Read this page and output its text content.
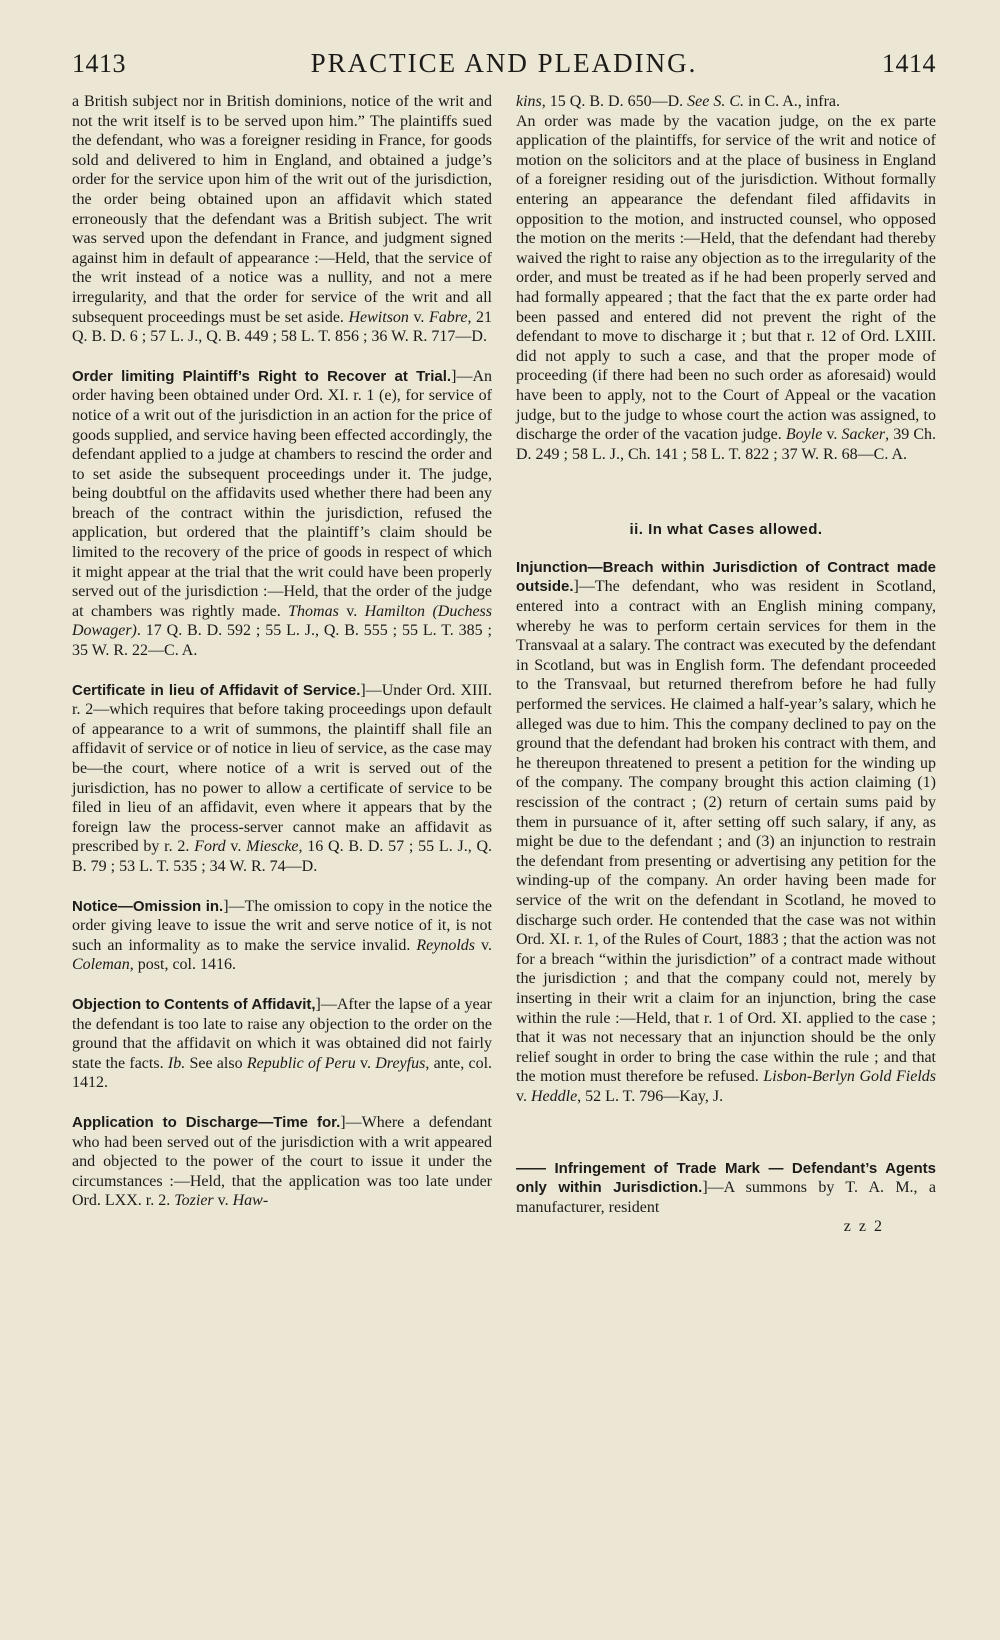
1413	PRACTICE AND PLEADING.	1414

a British subject nor in British dominions, notice of the writ and not the writ itself is to be served upon him.” The plaintiffs sued the defendant, who was a foreigner residing in France, for goods sold and delivered to him in England, and obtained a judge’s order for the service upon him of the writ out of the jurisdiction, the order being obtained upon an affidavit which stated erroneously that the defendant was a British subject. The writ was served upon the defendant in France, and judgment signed against him in default of appearance :—Held, that the service of the writ instead of a notice was a nullity, and not a mere irregularity, and that the order for service of the writ and all subsequent proceedings must be set aside. Hewitson v. Fabre, 21 Q. B. D. 6 ; 57 L. J., Q. B. 449 ; 58 L. T. 856 ; 36 W. R. 717—D.

Order limiting Plaintiff’s Right to Recover at Trial.]—An order having been obtained under Ord. XI. r. 1 (e), for service of notice of a writ out of the jurisdiction in an action for the price of goods supplied, and service having been effected accordingly, the defendant applied to a judge at chambers to rescind the order and to set aside the subsequent proceedings under it. The judge, being doubtful on the affidavits used whether there had been any breach of the contract within the jurisdiction, refused the application, but ordered that the plaintiff’s claim should be limited to the recovery of the price of goods in respect of which it might appear at the trial that the writ could have been properly served out of the jurisdiction :—Held, that the order of the judge at chambers was rightly made. Thomas v. Hamilton (Duchess Dowager). 17 Q. B. D. 592 ; 55 L. J., Q. B. 555 ; 55 L. T. 385 ; 35 W. R. 22—C. A.

Certificate in lieu of Affidavit of Service.]—Under Ord. XIII. r. 2—which requires that before taking proceedings upon default of appearance to a writ of summons, the plaintiff shall file an affidavit of service or of notice in lieu of service, as the case may be—the court, where notice of a writ is served out of the jurisdiction, has no power to allow a certificate of service to be filed in lieu of an affidavit, even where it appears that by the foreign law the process-server cannot make an affidavit as prescribed by r. 2. Ford v. Miescke, 16 Q. B. D. 57 ; 55 L. J., Q. B. 79 ; 53 L. T. 535 ; 34 W. R. 74—D.

Notice—Omission in.]—The omission to copy in the notice the order giving leave to issue the writ and serve notice of it, is not such an informality as to make the service invalid. Reynolds v. Coleman, post, col. 1416.

Objection to Contents of Affidavit,]—After the lapse of a year the defendant is too late to raise any objection to the order on the ground that the affidavit on which it was obtained did not fairly state the facts. Ib. See also Republic of Peru v. Dreyfus, ante, col. 1412.

Application to Discharge—Time for.]—Where a defendant who had been served out of the jurisdiction with a writ appeared and objected to the power of the court to issue it under the circumstances :—Held, that the application was too late under Ord. LXX. r. 2. Tozier v. Haw-

kins, 15 Q. B. D. 650—D. See S. C. in C. A., infra.

An order was made by the vacation judge, on the ex parte application of the plaintiffs, for service of the writ and notice of motion on the solicitors and at the place of business in England of a foreigner residing out of the jurisdiction. Without formally entering an appearance the defendant filed affidavits in opposition to the motion, and instructed counsel, who opposed the motion on the merits :—Held, that the defendant had thereby waived the right to raise any objection as to the irregularity of the order, and must be treated as if he had been properly served and had formally appeared ; that the fact that the ex parte order had been passed and entered did not prevent the right of the defendant to move to discharge it ; but that r. 12 of Ord. LXIII. did not apply to such a case, and that the proper mode of proceeding (if there had been no such order as aforesaid) would have been to apply, not to the Court of Appeal or the vacation judge, but to the judge to whose court the action was assigned, to discharge the order of the vacation judge. Boyle v. Sacker, 39 Ch. D. 249 ; 58 L. J., Ch. 141 ; 58 L. T. 822 ; 37 W. R. 68—C. A.

ii. In what Cases allowed.

Injunction—Breach within Jurisdiction of Contract made outside.]—The defendant, who was resident in Scotland, entered into a contract with an English mining company, whereby he was to perform certain services for them in the Transvaal at a salary. The contract was executed by the defendant in Scotland, but was in English form. The defendant proceeded to the Transvaal, but returned therefrom before he had fully performed the services. He claimed a half-year’s salary, which he alleged was due to him. This the company declined to pay on the ground that the defendant had broken his contract with them, and he thereupon threatened to present a petition for the winding up of the company. The company brought this action claiming (1) rescission of the contract ; (2) return of certain sums paid by them in pursuance of it, after setting off such salary, if any, as might be due to the defendant ; and (3) an injunction to restrain the defendant from presenting or advertising any petition for the winding-up of the company. An order having been made for service of the writ on the defendant in Scotland, he moved to discharge such order. He contended that the case was not within Ord. XI. r. 1, of the Rules of Court, 1883 ; that the action was not for a breach “within the jurisdiction” of a contract made without the jurisdiction ; and that the company could not, merely by inserting in their writ a claim for an injunction, bring the case within the rule :—Held, that r. 1 of Ord. XI. applied to the case ; that it was not necessary that an injunction should be the only relief sought in order to bring the case within the rule ; and that the motion must therefore be refused. Lisbon-Berlyn Gold Fields v. Heddle, 52 L. T. 796—Kay, J.

—— Infringement of Trade Mark — Defendant’s Agents only within Jurisdiction.]—A summons by T. A. M., a manufacturer, resident

z z 2
